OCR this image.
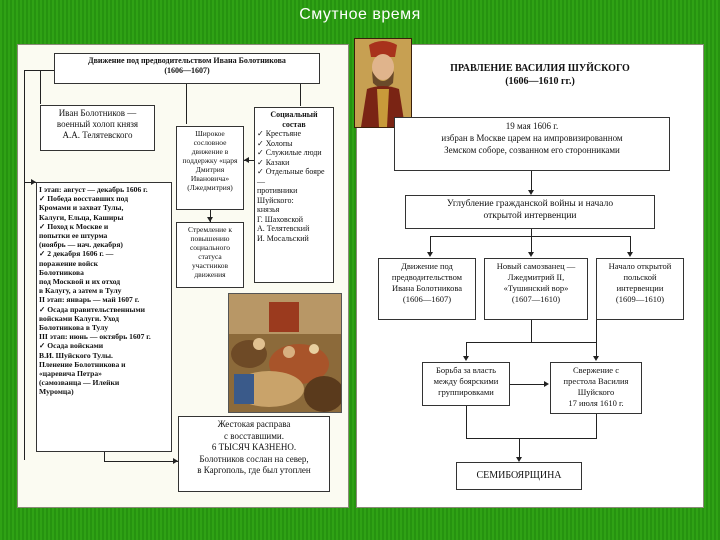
Смутное время
Движение под предводительством Ивана Болотникова
(1606—1607)
Иван Болотников —
военный холоп князя
А.А. Телятевского
Социальный
состав
✓ Крестьяне
✓ Холопы
✓ Служилые люди
✓ Казаки
✓ Отдельные бояре —
противники
Шуйского:
князья
Г. Шаховской
А. Телятевский
И. Мосальский
Широкое
сословное
движение в
поддержку «царя
Дмитрия
Ивановича»
(Лжедмитрия)
Стремление к
повышению
социального
статуса
участников
движения
I этап: август — декабрь 1606 г.
✓ Победа восставших под
Кромами и захват Тулы,
Калуги, Ельца, Каширы
✓ Поход к Москве и
попытки ее штурма
(ноябрь — нач. декабря)
✓ 2 декабря 1606 г. —
поражение войск
Болотникова
под Москвой и их отход
в Калугу, а затем в Тулу
II этап: январь — май 1607 г.
✓ Осада правительственными
войсками Калуги. Уход
Болотникова в Тулу
III этап: июнь — октябрь 1607 г.
✓ Осада войсками
В.И. Шуйского Тулы.
Пленение Болотникова и
«царевича Петра»
(самозванца — Илейки
Муромца)
Жестокая расправа
с восставшими.
6 ТЫСЯЧ КАЗНЕНО.
Болотников сослан на север,
в Каргополь, где был утоплен
ПРАВЛЕНИЕ ВАСИЛИЯ ШУЙСКОГО
(1606—1610 гг.)
19 мая 1606 г.
избран в Москве царем на импровизированном
Земском соборе, созванном его сторонниками
Углубление гражданской войны и начало
открытой интервенции
Движение под
предводительством
Ивана Болотникова
(1606—1607)
Новый самозванец —
Лжедмитрий II,
«Тушинский вор»
(1607—1610)
Начало открытой
польской
интервенции
(1609—1610)
Борьба за власть
между боярскими
группировками
Свержение с
престола Василия
Шуйского
17 июля 1610 г.
СЕМИБОЯРЩИНА
